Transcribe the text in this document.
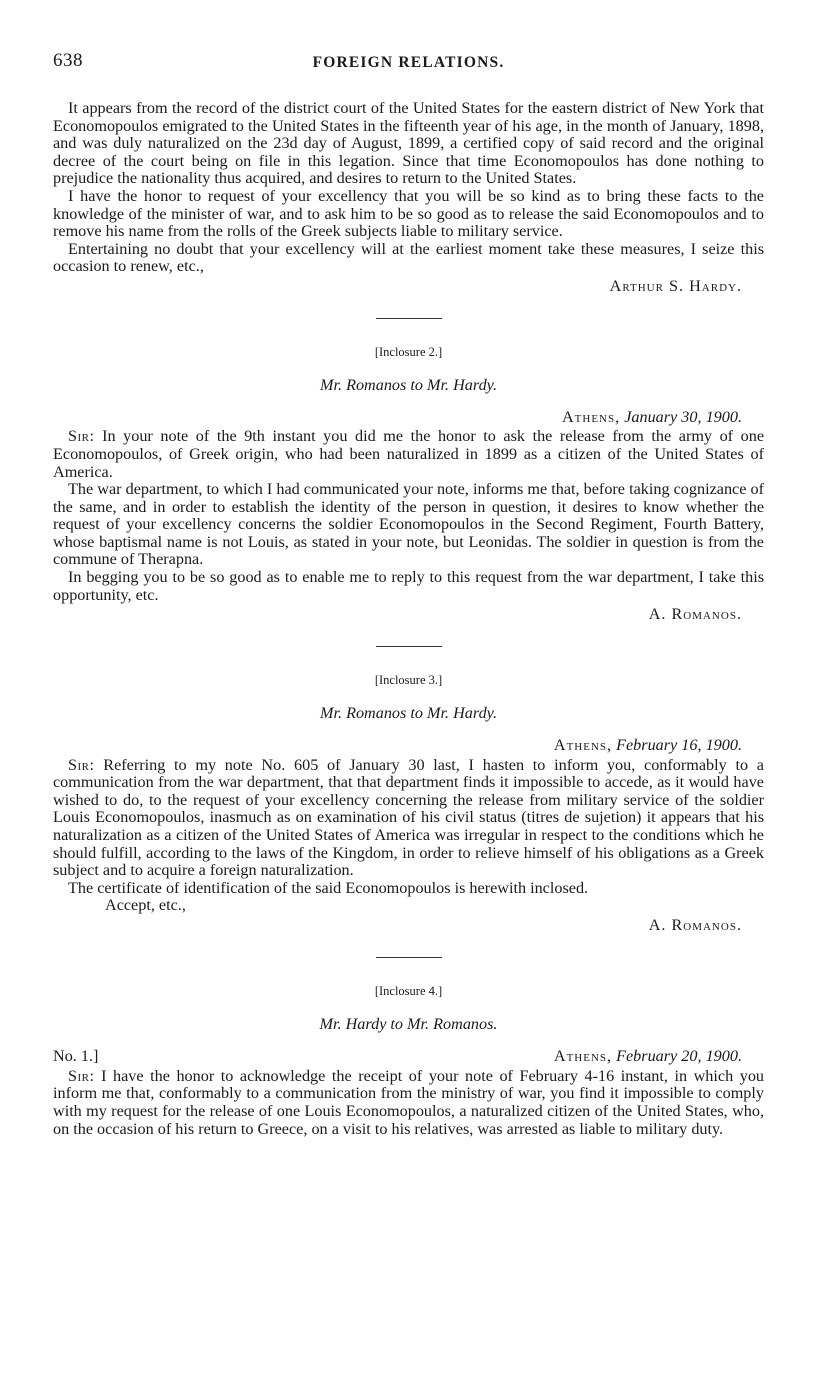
638	FOREIGN RELATIONS.

It appears from the record of the district court of the United States for the eastern district of New York that Economopoulos emigrated to the United States in the fifteenth year of his age, in the month of January, 1898, and was duly naturalized on the 23d day of August, 1899, a certified copy of said record and the original decree of the court being on file in this legation. Since that time Economopoulos has done nothing to prejudice the nationality thus acquired, and desires to return to the United States.

I have the honor to request of your excellency that you will be so kind as to bring these facts to the knowledge of the minister of war, and to ask him to be so good as to release the said Economopoulos and to remove his name from the rolls of the Greek subjects liable to military service.

Entertaining no doubt that your excellency will at the earliest moment take these measures, I seize this occasion to renew, etc.,

Arthur S. Hardy.
[Inclosure 2.]
Mr. Romanos to Mr. Hardy.
Athens, January 30, 1900.

Sir: In your note of the 9th instant you did me the honor to ask the release from the army of one Economopoulos, of Greek origin, who had been naturalized in 1899 as a citizen of the United States of America.

The war department, to which I had communicated your note, informs me that, before taking cognizance of the same, and in order to establish the identity of the person in question, it desires to know whether the request of your excellency concerns the soldier Economopoulos in the Second Regiment, Fourth Battery, whose baptismal name is not Louis, as stated in your note, but Leonidas. The soldier in question is from the commune of Therapna.

In begging you to be so good as to enable me to reply to this request from the war department, I take this opportunity, etc.

A. Romanos.
[Inclosure 3.]
Mr. Romanos to Mr. Hardy.
Athens, February 16, 1900.

Sir: Referring to my note No. 605 of January 30 last, I hasten to inform you, conformably to a communication from the war department, that that department finds it impossible to accede, as it would have wished to do, to the request of your excellency concerning the release from military service of the soldier Louis Economopoulos, inasmuch as on examination of his civil status (titres de sujetion) it appears that his naturalization as a citizen of the United States of America was irregular in respect to the conditions which he should fulfill, according to the laws of the Kingdom, in order to relieve himself of his obligations as a Greek subject and to acquire a foreign naturalization.

The certificate of identification of the said Economopoulos is herewith inclosed.

Accept, etc.,

A. Romanos.
[Inclosure 4.]
Mr. Hardy to Mr. Romanos.
No. 1.]	Athens, February 20, 1900.

Sir: I have the honor to acknowledge the receipt of your note of February 4-16 instant, in which you inform me that, conformably to a communication from the ministry of war, you find it impossible to comply with my request for the release of one Louis Economopoulos, a naturalized citizen of the United States, who, on the occasion of his return to Greece, on a visit to his relatives, was arrested as liable to military duty.
